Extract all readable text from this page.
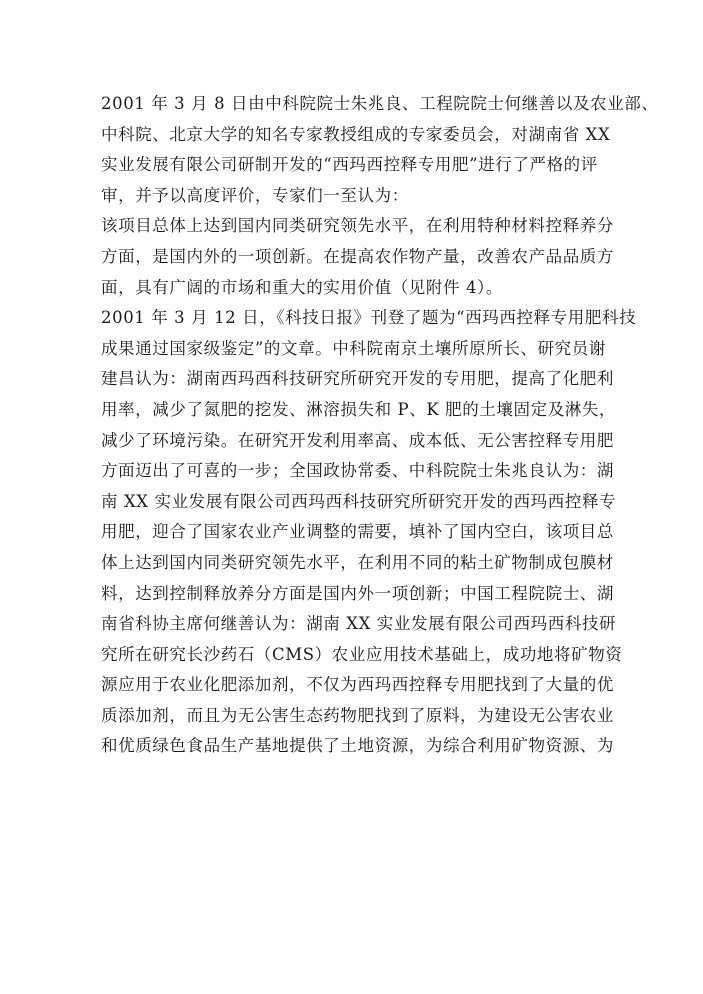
2001 年 3 月 8 日由中科院院士朱兆良、工程院院士何继善以及农业部、
中科院、北京大学的知名专家教授组成的专家委员会，对湖南省 XX
实业发展有限公司研制开发的“西玛西控释专用肥”进行了严格的评
审，并予以高度评价，专家们一至认为：
该项目总体上达到国内同类研究领先水平，在利用特种材料控释养分
方面，是国内外的一项创新。在提高农作物产量，改善农产品品质方
面，具有广阔的市场和重大的实用价值（见附件 4）。
2001 年 3 月 12 日，《科技日报》刊登了题为“西玛西控释专用肥科技
成果通过国家级鉴定”的文章。中科院南京土壤所原所长、研究员谢
建昌认为：湖南西玛西科技研究所研究开发的专用肥，提高了化肥利
用率，减少了氮肥的挖发、淋溶损失和 P、K 肥的土壤固定及淋失，
减少了环境污染。在研究开发利用率高、成本低、无公害控释专用肥
方面迈出了可喜的一步；全国政协常委、中科院院士朱兆良认为：湖
南 XX 实业发展有限公司西玛西科技研究所研究开发的西玛西控释专
用肥，迎合了国家农业产业调整的需要，填补了国内空白，该项目总
体上达到国内同类研究领先水平，在利用不同的粘土矿物制成包膜材
料，达到控制释放养分方面是国内外一项创新；中国工程院院士、湖
南省科协主席何继善认为：湖南 XX 实业发展有限公司西玛西科技研
究所在研究长沙药石（CMS）农业应用技术基础上，成功地将矿物资
源应用于农业化肥添加剂，不仅为西玛西控释专用肥找到了大量的优
质添加剂，而且为无公害生态药物肥找到了原料，为建设无公害农业
和优质绿色食品生产基地提供了土地资源，为综合利用矿物资源、为
